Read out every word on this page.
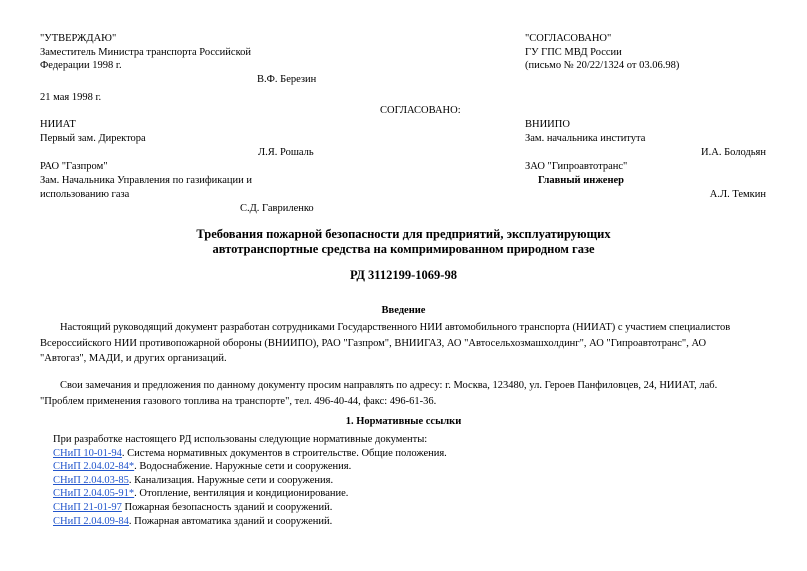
"УТВЕРЖДАЮ"
Заместитель Министра транспорта Российской
Федерации 1998 г.
В.Ф. Березин
21 мая 1998 г.
"СОГЛАСОВАНО"
ГУ ГПС МВД России
(письмо № 20/22/1324 от 03.06.98)
СОГЛАСОВАНО:
НИИАТ
Первый зам. Директора
Л.Я. Рошаль
РАО "Газпром"
Зам. Начальника Управления по газификации и
использованию газа
С.Д. Гавриленко
ВНИИПО
Зам. начальника института
И.А. Болодьян
ЗАО "Гипроавтотранс"
Главный инженер
А.Л. Темкин
Требования пожарной безопасности для предприятий, эксплуатирующих
автотранспортные средства на компримированном природном газе
РД 3112199-1069-98
Введение
Настоящий руководящий документ разработан сотрудниками Государственного НИИ автомобильного транспорта (НИИАТ) с участием специалистов
Всероссийского НИИ противопожарной обороны (ВНИИПО), РАО "Газпром", ВНИИГАЗ, АО "Автосельхозмашхолдинг", АО "Гипроавтотранс", АО
"Автогаз", МАДИ, и других организаций.
Свои замечания и предложения по данному документу просим направлять по адресу: г. Москва, 123480, ул. Героев Панфиловцев, 24, НИИАТ, лаб.
"Проблем применения газового топлива на транспорте", тел. 496-40-44, факс: 496-61-36.
1. Нормативные ссылки
При разработке настоящего РД использованы следующие нормативные документы:
СНиП 10-01-94. Система нормативных документов в строительстве. Общие положения.
СНиП 2.04.02-84*. Водоснабжение. Наружные сети и сооружения.
СНиП 2.04.03-85. Канализация. Наружные сети и сооружения.
СНиП 2.04.05-91*. Отопление, вентиляция и кондиционирование.
СНиП 21-01-97 Пожарная безопасность зданий и сооружений.
СНиП 2.04.09-84. Пожарная автоматика зданий и сооружений.
